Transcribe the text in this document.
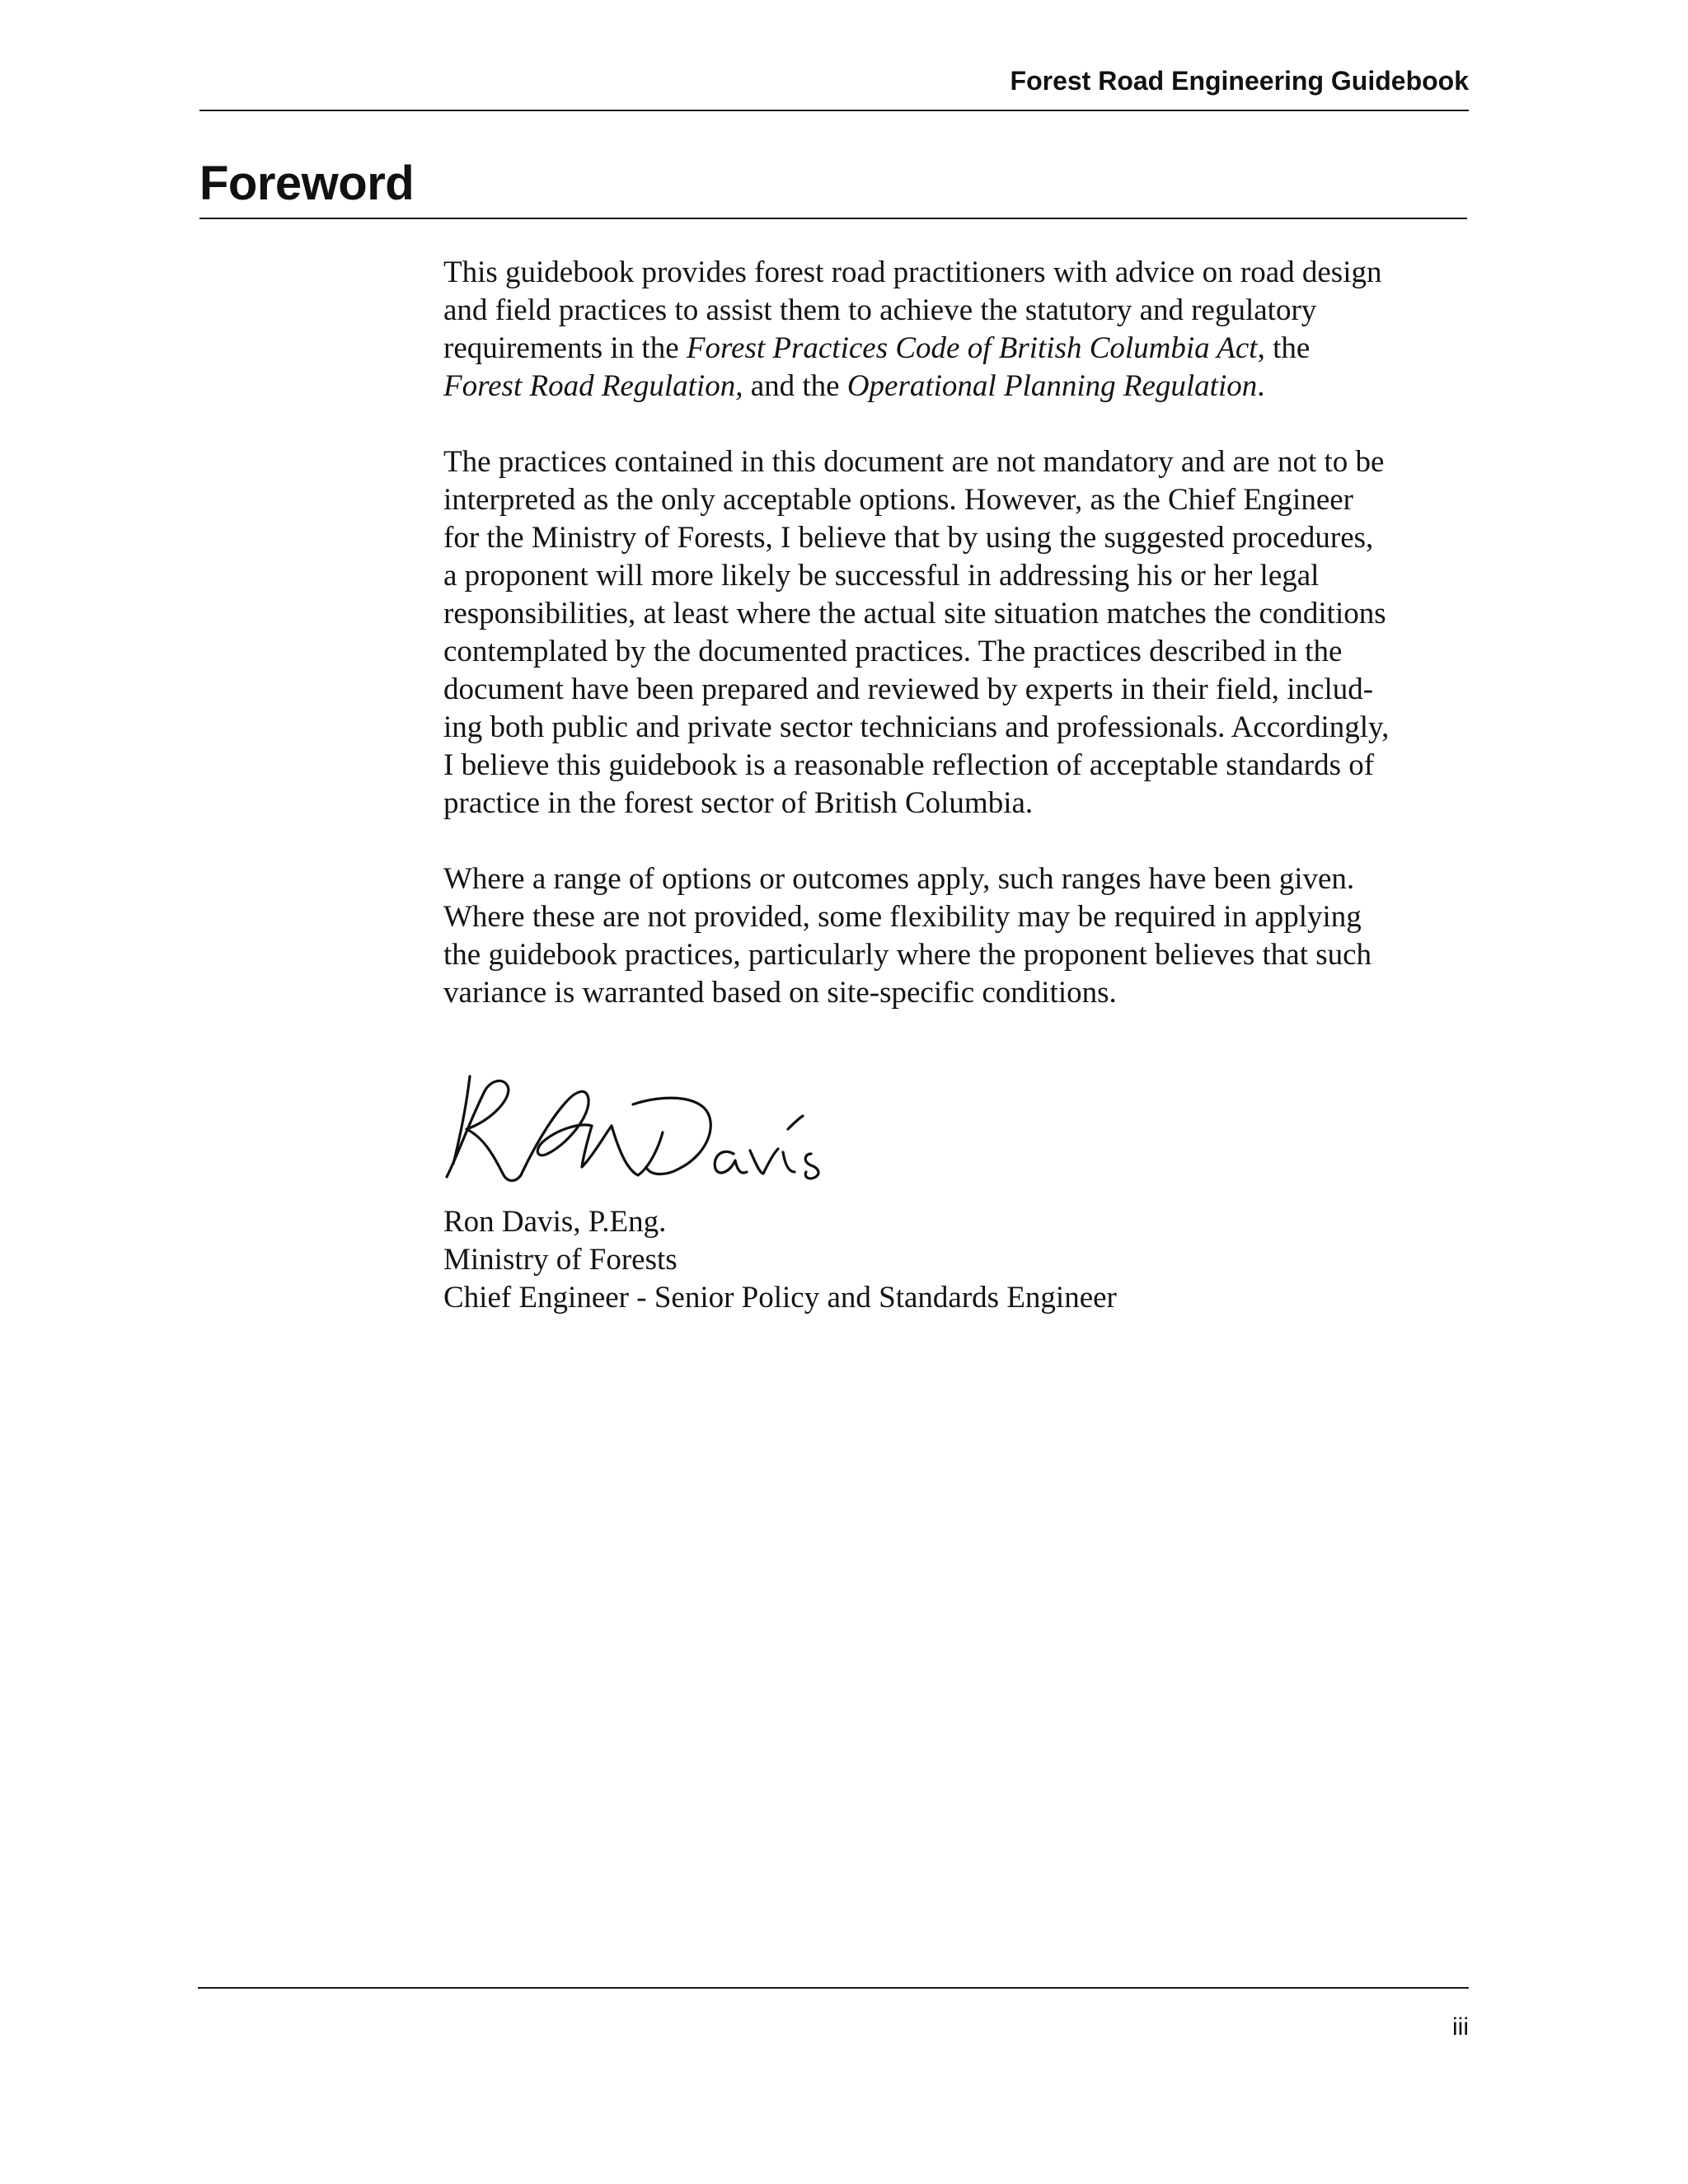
Forest Road Engineering Guidebook
Foreword

This guidebook provides forest road practitioners with advice on road design
and field practices to assist them to achieve the statutory and regulatory
requirements in the Forest Practices Code of British Columbia Act, the
Forest Road Regulation, and the Operational Planning Regulation.

The practices contained in this document are not mandatory and are not to be
interpreted as the only acceptable options. However, as the Chief Engineer
for the Ministry of Forests, I believe that by using the suggested procedures,
a proponent will more likely be successful in addressing his or her legal
responsibilities, at least where the actual site situation matches the conditions
contemplated by the documented practices. The practices described in the
document have been prepared and reviewed by experts in their field, includ-
ing both public and private sector technicians and professionals. Accordingly,
I believe this guidebook is a reasonable reflection of acceptable standards of
practice in the forest sector of British Columbia.

Where a range of options or outcomes apply, such ranges have been given.
Where these are not provided, some flexibility may be required in applying
the guidebook practices, particularly where the proponent believes that such
variance is warranted based on site-specific conditions.

Ron Davis, P.Eng.
Ministry of Forests
Chief Engineer - Senior Policy and Standards Engineer
iii
